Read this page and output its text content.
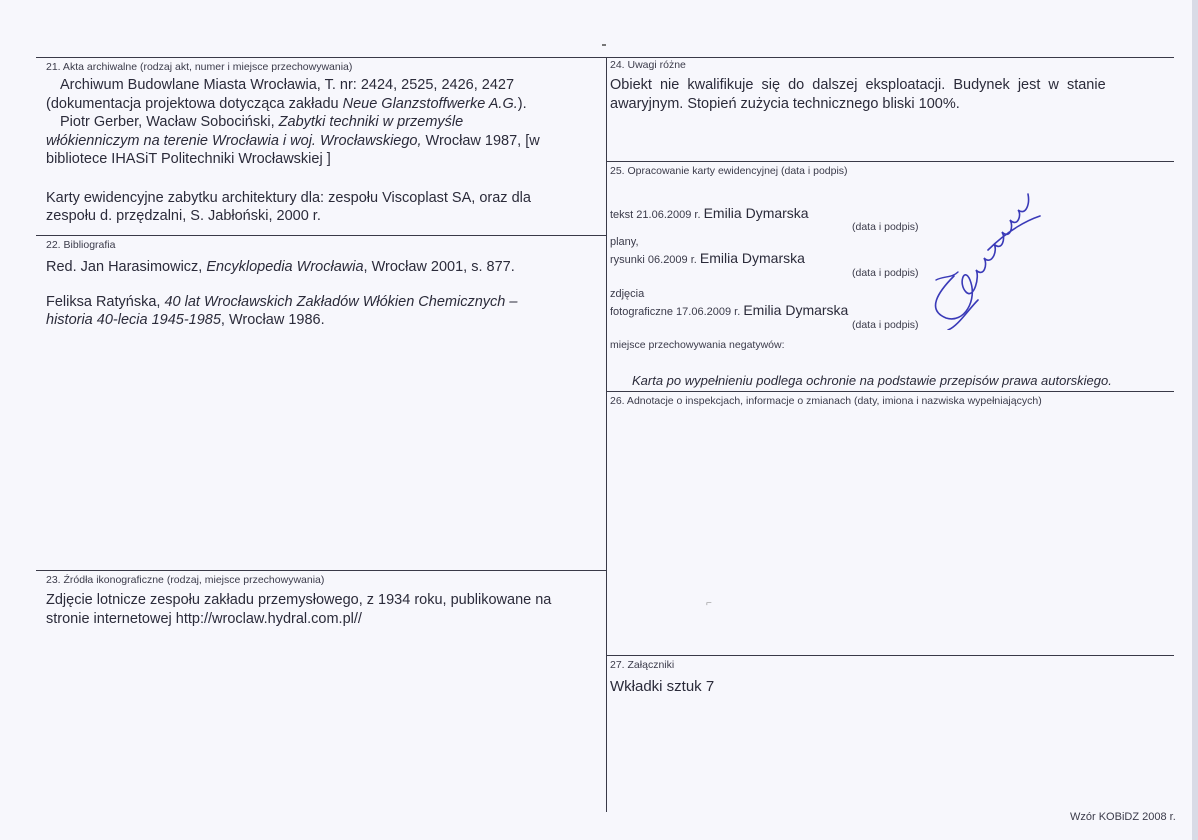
21. Akta archiwalne (rodzaj akt, numer i miejsce przechowywania)
Archiwum Budowlane Miasta Wrocławia, T. nr: 2424, 2525, 2426, 2427
(dokumentacja projektowa dotycząca zakładu Neue Glanzstoffwerke A.G.).
Piotr Gerber, Wacław Sobociński, Zabytki techniki w przemyśle
włókienniczym na terenie Wrocławia i woj. Wrocławskiego, Wrocław 1987, [w
bibliotece IHASiT Politechniki Wrocławskiej ]
Karty ewidencyjne zabytku architektury dla: zespołu Viscoplast SA, oraz dla
zespołu d. przędzalni, S. Jabłoński, 2000 r.
22. Bibliografia
Red. Jan Harasimowicz, Encyklopedia Wrocławia, Wrocław 2001, s. 877.
Feliksa Ratyńska, 40 lat Wrocławskich Zakładów Włókien Chemicznych –
historia 40-lecia 1945-1985, Wrocław 1986.
23. Źródła ikonograficzne (rodzaj, miejsce przechowywania)
Zdjęcie lotnicze zespołu zakładu przemysłowego, z 1934 roku, publikowane na
stronie internetowej http://wroclaw.hydral.com.pl//
24. Uwagi różne
Obiekt  nie  kwalifikuje  się  do  dalszej  eksploatacji.  Budynek  jest  w  stanie
awaryjnym. Stopień zużycia technicznego bliski 100%.
25. Opracowanie karty ewidencyjnej (data i podpis)
tekst 21.06.2009 r. Emilia Dymarska
(data i podpis)
plany,
rysunki 06.2009 r. Emilia Dymarska
(data i podpis)
zdjęcia
fotograficzne 17.06.2009 r. Emilia Dymarska
(data i podpis)
miejsce przechowywania negatywów:
Karta po wypełnieniu podlega ochronie na podstawie przepisów prawa autorskiego.
26. Adnotacje o inspekcjach, informacje o zmianach (daty, imiona i nazwiska wypełniających)
⌐
27. Załączniki
Wkładki sztuk 7
Wzór KOBiDZ 2008 r.
